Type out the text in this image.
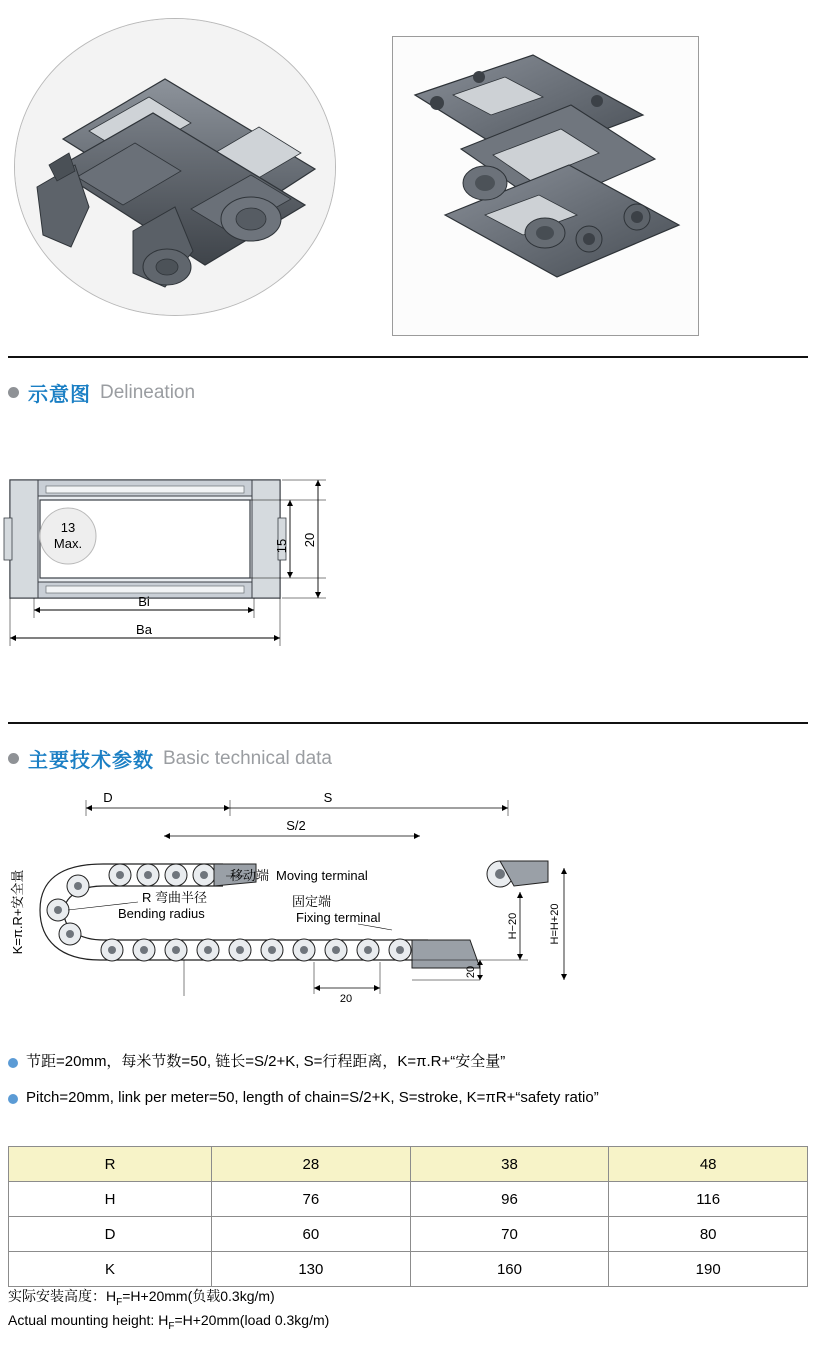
示意图 Delineation
13
Max.	15 20
Bi
Ba
主要技术参数 Basic technical data
D	S
S/2
移动端 Moving terminal
R 弯曲半径
Bending radius
固定端
Fixing terminal
K=π.R+安全量	H−20	H=H+20
20
20
节距=20mm，每米节数=50, 链长=S/2+K, S=行程距离，K=π.R+“安全量”
Pitch=20mm, link per meter=50, length of chain=S/2+K, S=stroke, K=πR+“safety ratio”
R	28	38	48
H	76	96	116
D	60	70	80
K	130	160	190
实际安装高度：$H_F=H+20mm$(负载0.3kg/m)
Actual mounting height: $H_F=H+20mm(load$ 0.3kg/m)
